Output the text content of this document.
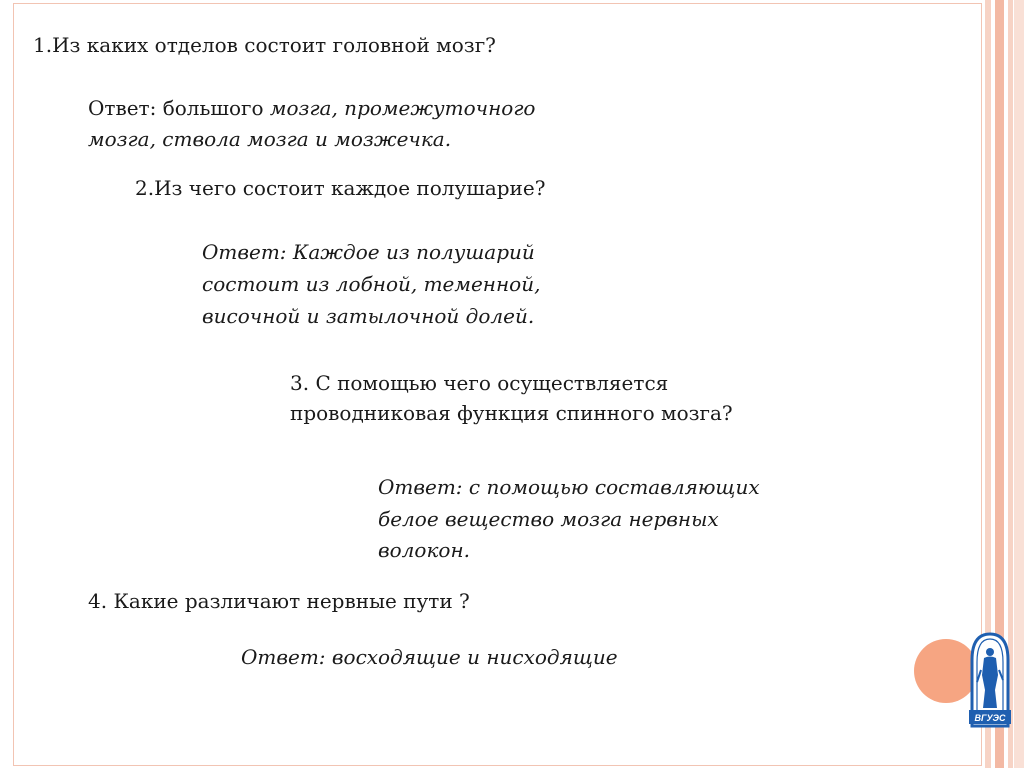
ВГУЭС

1.Из каких отделов состоит головной мозг?

Ответ: большого мозга, промежуточного

мозга, ствола мозга и мозжечка.

2.Из чего состоит каждое полушарие?

Ответ: Каждое из полушарий

состоит из лобной, теменной,

височной и затылочной долей.

3. С помощью чего осуществляется

проводниковая функция спинного мозга?

Ответ: с помощью составляющих

белое вещество мозга нервных

волокон.

4. Какие различают нервные пути ?

Ответ: восходящие и нисходящие
